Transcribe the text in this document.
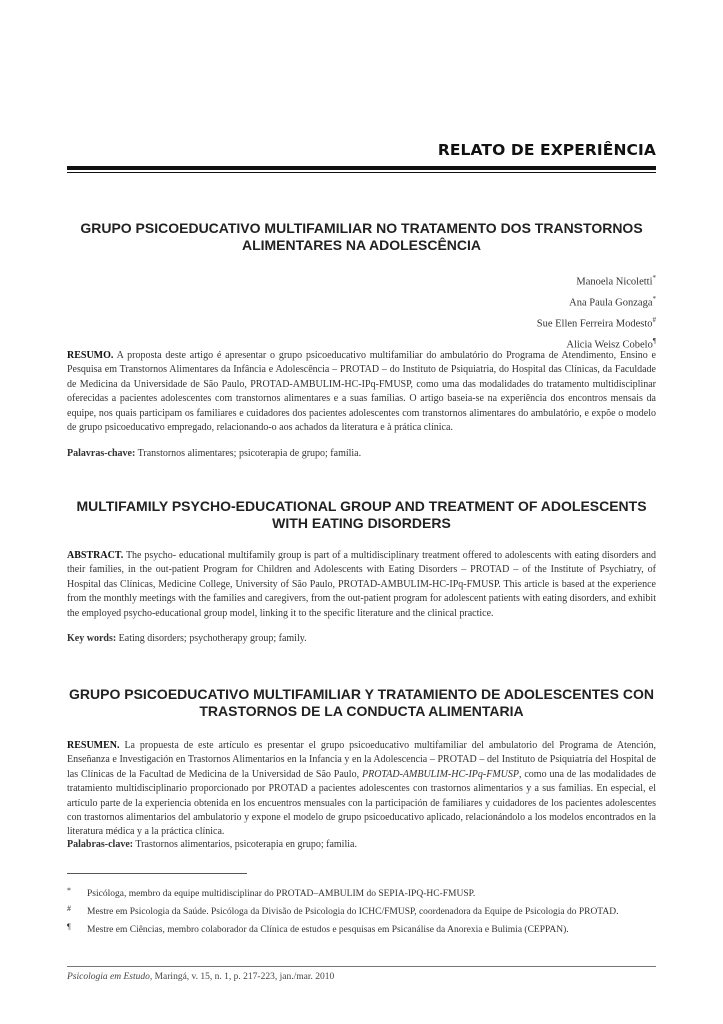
RELATO DE EXPERIÊNCIA
GRUPO PSICOEDUCATIVO MULTIFAMILIAR NO TRATAMENTO DOS TRANSTORNOS ALIMENTARES NA ADOLESCÊNCIA
Manoela Nicoletti*
Ana Paula Gonzaga*
Sue Ellen Ferreira Modesto#
Alicia Weisz Cobelo¶
RESUMO. A proposta deste artigo é apresentar o grupo psicoeducativo multifamiliar do ambulatório do Programa de Atendimento, Ensino e Pesquisa em Transtornos Alimentares da Infância e Adolescência – PROTAD – do Instituto de Psiquiatria, do Hospital das Clínicas, da Faculdade de Medicina da Universidade de São Paulo, PROTAD-AMBULIM-HC-IPq-FMUSP, como uma das modalidades do tratamento multidisciplinar oferecidas a pacientes adolescentes com transtornos alimentares e a suas famílias. O artigo baseia-se na experiência dos encontros mensais da equipe, nos quais participam os familiares e cuidadores dos pacientes adolescentes com transtornos alimentares do ambulatório, e expõe o modelo de grupo psicoeducativo empregado, relacionando-o aos achados da literatura e à prática clínica.
Palavras-chave: Transtornos alimentares; psicoterapia de grupo; família.
MULTIFAMILY PSYCHO-EDUCATIONAL GROUP AND TREATMENT OF ADOLESCENTS WITH EATING DISORDERS
ABSTRACT. The psycho- educational multifamily group is part of a multidisciplinary treatment offered to adolescents with eating disorders and their families, in the out-patient Program for Children and Adolescents with Eating Disorders – PROTAD – of the Institute of Psychiatry, of Hospital das Clínicas, Medicine College, University of São Paulo, PROTAD-AMBULIM-HC-IPq-FMUSP. This article is based at the experience from the monthly meetings with the families and caregivers, from the out-patient program for adolescent patients with eating disorders, and exhibit the employed psycho-educational group model, linking it to the specific literature and the clinical practice.
Key words: Eating disorders; psychotherapy group; family.
GRUPO PSICOEDUCATIVO MULTIFAMILIAR Y TRATAMIENTO DE ADOLESCENTES CON TRASTORNOS DE LA CONDUCTA ALIMENTARIA
RESUMEN. La propuesta de este artículo es presentar el grupo psicoeducativo multifamiliar del ambulatorio del Programa de Atención, Enseñanza e Investigación en Trastornos Alimentarios en la Infancia y en la Adolescencia – PROTAD – del Instituto de Psiquiatría del Hospital de las Clínicas de la Facultad de Medicina de la Universidad de São Paulo, PROTAD-AMBULIM-HC-IPq-FMUSP, como una de las modalidades de tratamiento multidisciplinario proporcionado por PROTAD a pacientes adolescentes con trastornos alimentarios y a sus familias. En especial, el artículo parte de la experiencia obtenida en los encuentros mensuales con la participación de familiares y cuidadores de los pacientes adolescentes con trastornos alimentarios del ambulatorio y expone el modelo de grupo psicoeducativo aplicado, relacionándolo a los modelos encontrados en la literatura médica y a la práctica clínica.
Palabras-clave: Trastornos alimentarios, psicoterapia en grupo; familia.
* Psicóloga, membro da equipe multidisciplinar do PROTAD–AMBULIM do SEPIA-IPQ-HC-FMUSP.
# Mestre em Psicologia da Saúde. Psicóloga da Divisão de Psicologia do ICHC/FMUSP, coordenadora da Equipe de Psicologia do PROTAD.
¶ Mestre em Ciências, membro colaborador da Clínica de estudos e pesquisas em Psicanálise da Anorexia e Bulimia (CEPPAN).
Psicologia em Estudo, Maringá, v. 15, n. 1, p. 217-223, jan./mar. 2010
